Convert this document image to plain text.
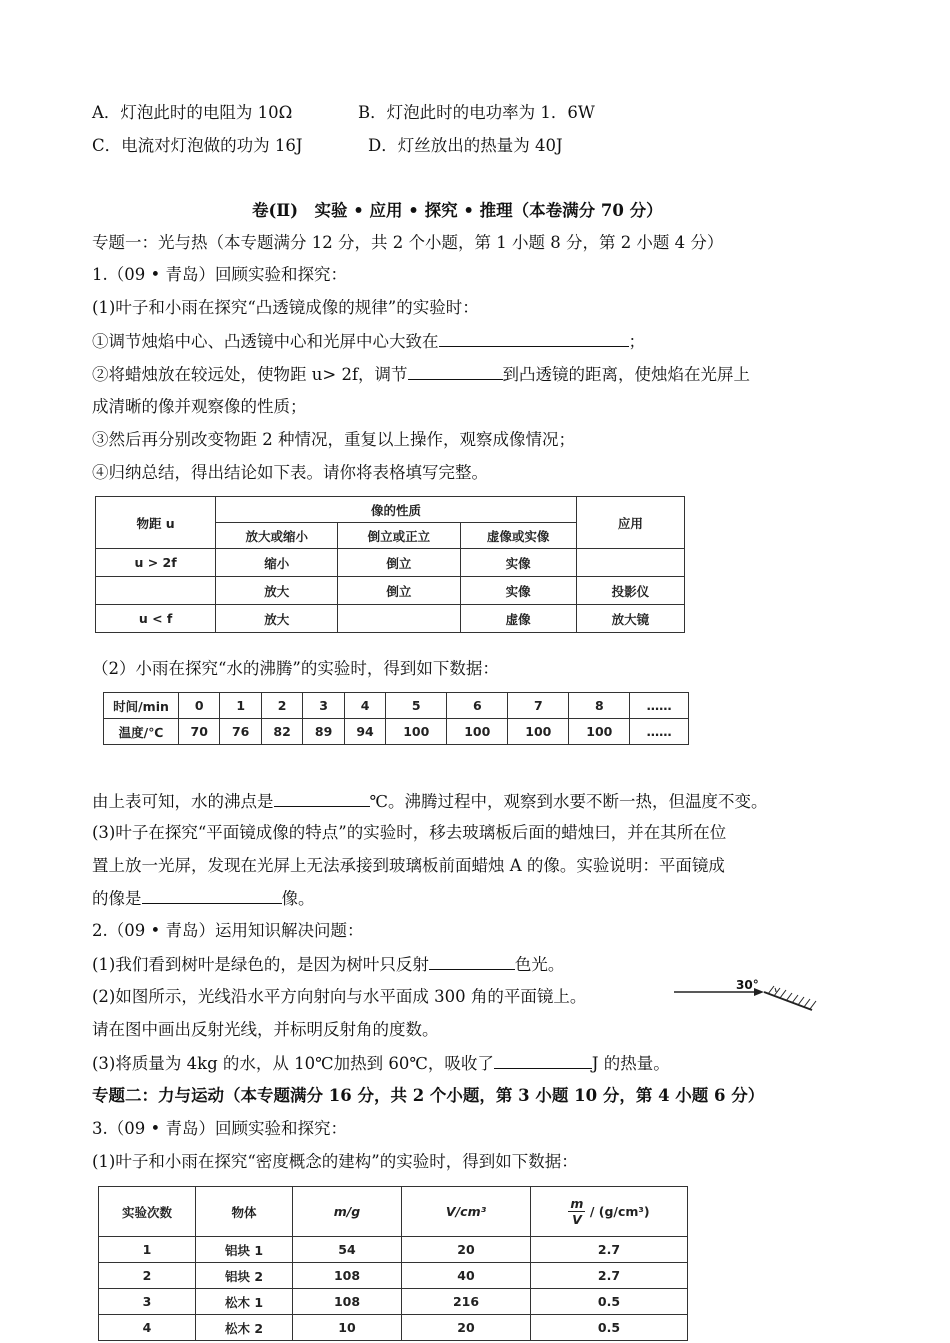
A．灯泡此时的电阻为 10Ω	B．灯泡此时的电功率为 1．6W
C．电流对灯泡做的功为 16J	D．灯丝放出的热量为 40J
卷(Ⅱ)　实验 • 应用 • 探究 • 推理（本卷满分 70 分）
专题一：光与热（本专题满分 12 分，共 2 个小题，第 1 小题 8 分，第 2 小题 4 分）
1.（09 • 青岛）回顾实验和探究：
(1)叶子和小雨在探究“凸透镜成像的规律”的实验时：
①调节烛焰中心、凸透镜中心和光屏中心大致在	；
②将蜡烛放在较远处，使物距 u> 2f，调节	到凸透镜的距离，使烛焰在光屏上
成清晰的像并观察像的性质；
③然后再分别改变物距 2 种情况，重复以上操作，观察成像情况；
④归纳总结，得出结论如下表。请你将表格填写完整。
物距 u	像的性质			应用
	放大或缩小	倒立或正立	虚像或实像	
u > 2f	缩小	倒立	实像	
	放大	倒立	实像	投影仪
u < f	放大		虚像	放大镜
（2）小雨在探究“水的沸腾”的实验时，得到如下数据：
时间/min	0	1	2	3	4	5	6	7	8	……
温度/℃	70	76	82	89	94	100	100	100	100	……
由上表可知，水的沸点是	℃。沸腾过程中，观察到水要不断一热，但温度不变。
(3)叶子在探究“平面镜成像的特点”的实验时，移去玻璃板后面的蜡烛曰，并在其所在位
置上放一光屏，发现在光屏上无法承接到玻璃板前面蜡烛 A 的像。实验说明：平面镜成
的像是	像。
2.（09 • 青岛）运用知识解决问题：
(1)我们看到树叶是绿色的，是因为树叶只反射	色光。
(2)如图所示，光线沿水平方向射向与水平面成 300 角的平面镜上。
30°
请在图中画出反射光线，并标明反射角的度数。
(3)将质量为 4kg 的水，从 10℃加热到 60℃，吸收了	J 的热量。
专题二：力与运动（本专题满分 16 分，共 2 个小题，第 3 小题 10 分，第 4 小题 6 分）
3.（09 • 青岛）回顾实验和探究：
(1)叶子和小雨在探究“密度概念的建构”的实验时，得到如下数据：
实验次数	物体	m/g	V/cm³	$\frac{m}{V} / (g/cm^3)$
1	铝块 1	54	20	2.7
2	铝块 2	108	40	2.7
3	松木 1	108	216	0.5
4	松木 2	10	20	0.5
